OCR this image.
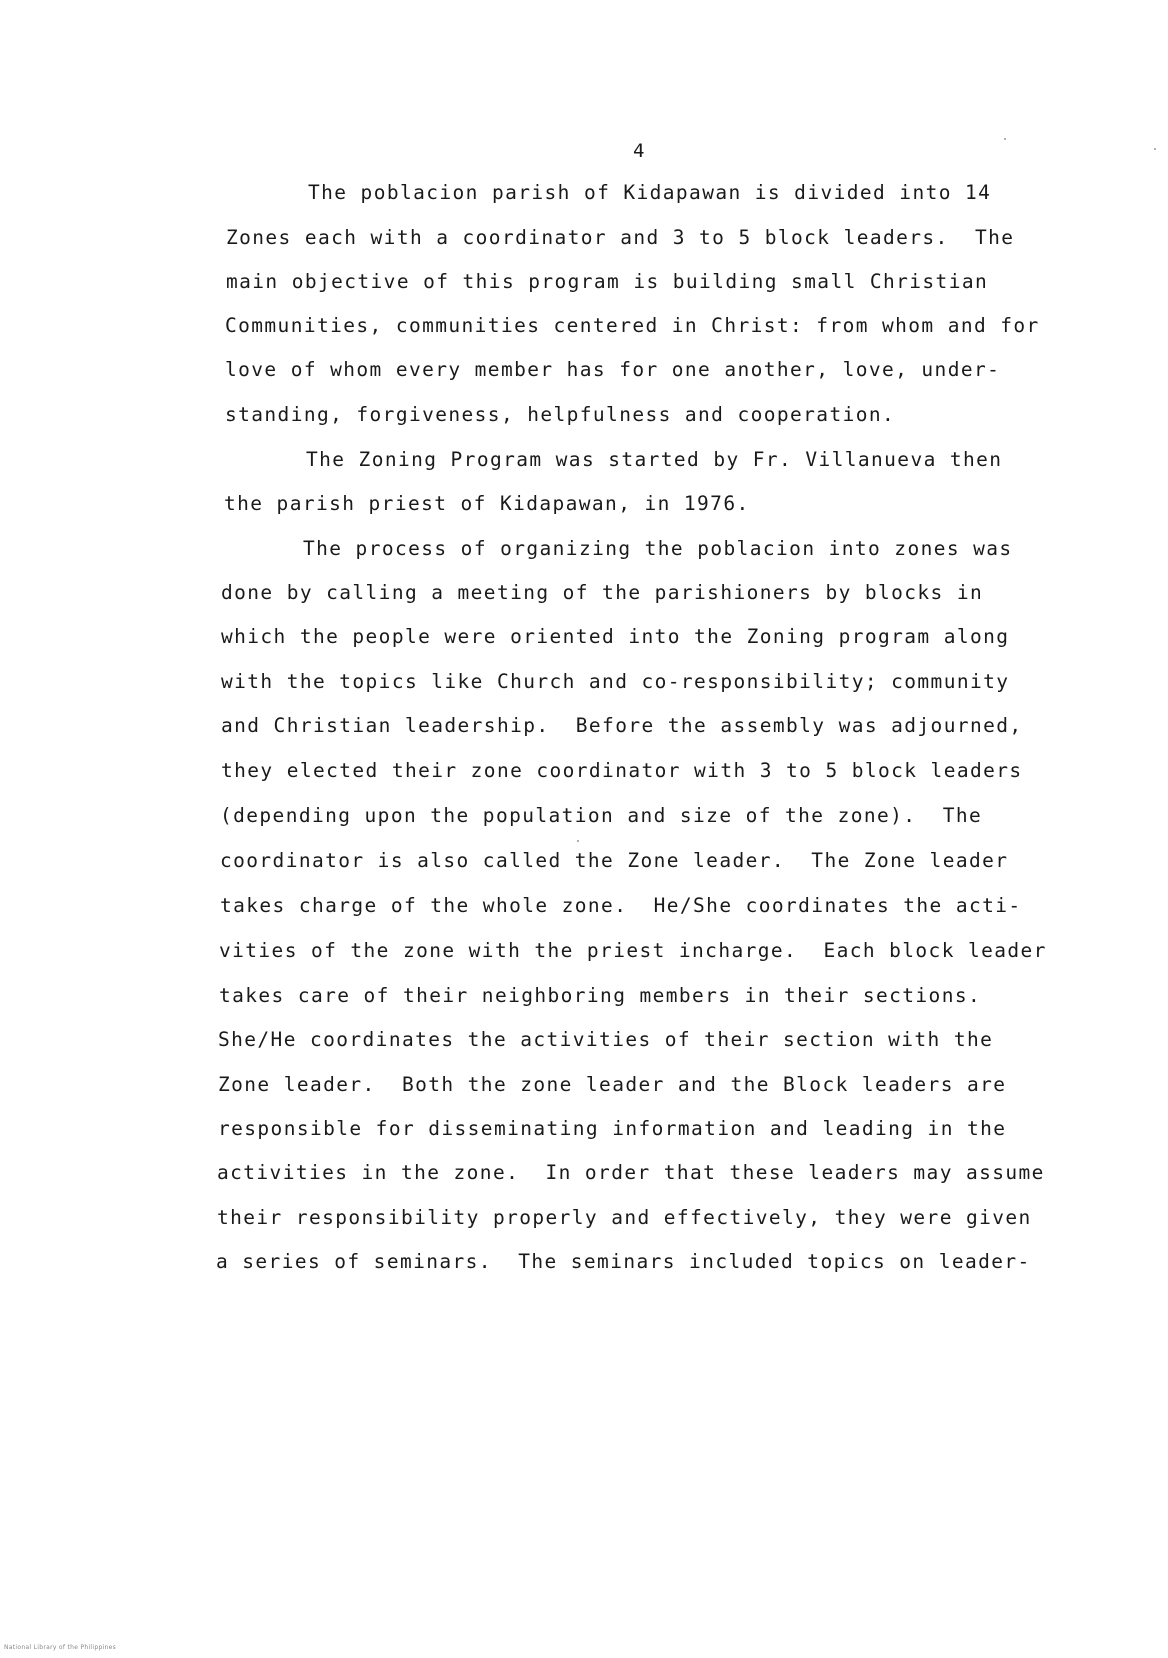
4
The poblacion parish of Kidapawan is divided into 14
Zones each with a coordinator and 3 to 5 block leaders.  The
main objective of this program is building small Christian
Communities, communities centered in Christ: from whom and for
love of whom every member has for one another, love, under-
standing, forgiveness, helpfulness and cooperation.
The Zoning Program was started by Fr. Villanueva then
the parish priest of Kidapawan, in 1976.
The process of organizing the poblacion into zones was
done by calling a meeting of the parishioners by blocks in
which the people were oriented into the Zoning program along
with the topics like Church and co-responsibility; community
and Christian leadership.  Before the assembly was adjourned,
they elected their zone coordinator with 3 to 5 block leaders
(depending upon the population and size of the zone).  The
coordinator is also called the Zone leader.  The Zone leader
takes charge of the whole zone.  He/She coordinates the acti-
vities of the zone with the priest incharge.  Each block leader
takes care of their neighboring members in their sections.
She/He coordinates the activities of their section with the
Zone leader.  Both the zone leader and the Block leaders are
responsible for disseminating information and leading in the
activities in the zone.  In order that these leaders may assume
their responsibility properly and effectively, they were given
a series of seminars.  The seminars included topics on leader-
National Library of the Philippines
